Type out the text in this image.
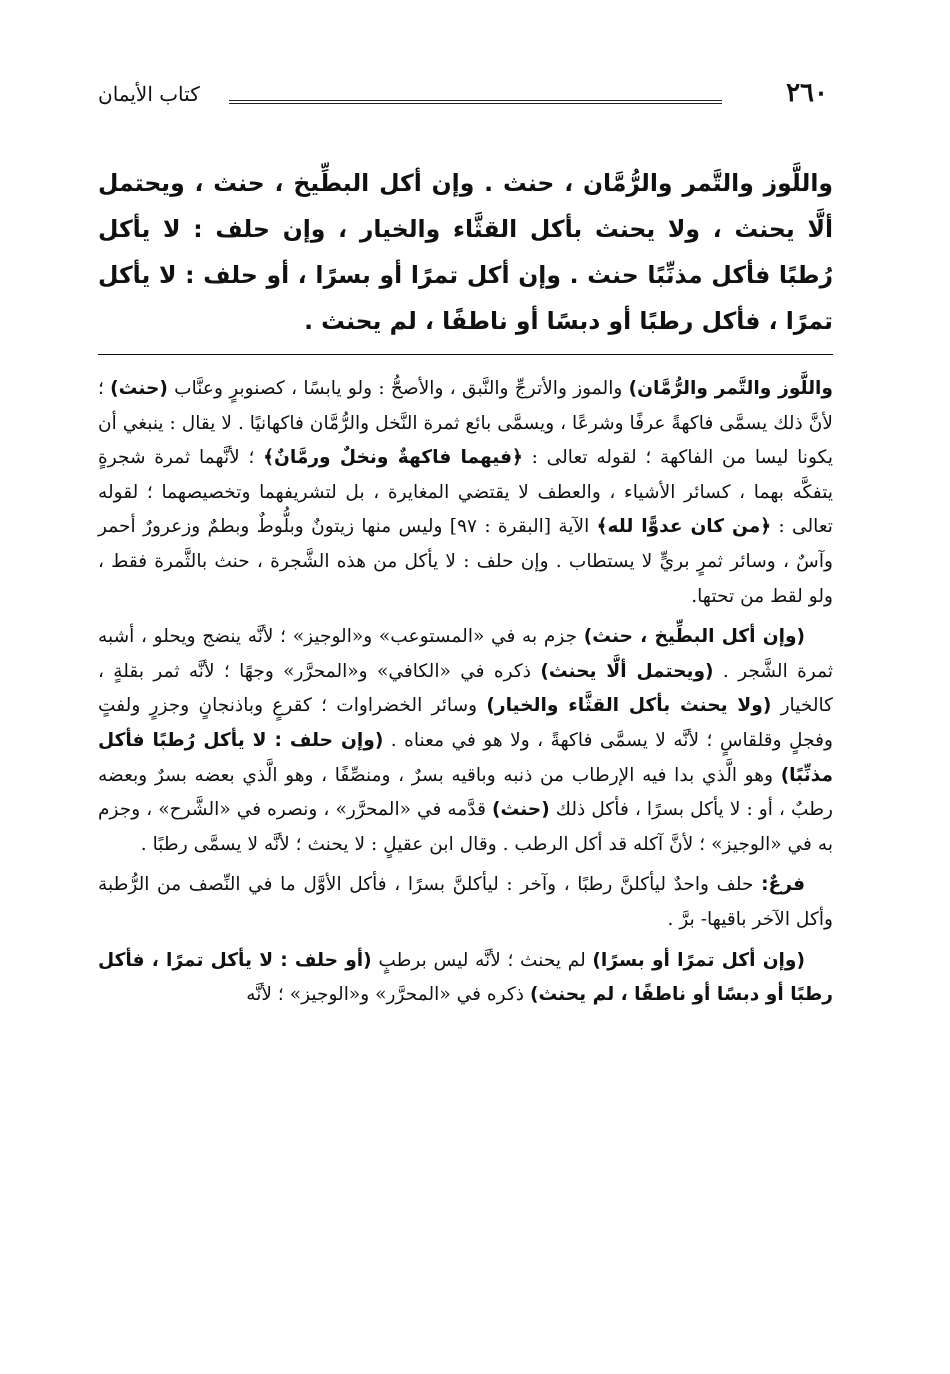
٢٦٠
كتاب الأيمان
واللَّوز والتَّمر والرُّمَّان ، حنث . وإن أكل البطِّيخ ، حنث ، ويحتمل ألَّا يحنث ، ولا يحنث بأكل القثَّاء والخيار ، وإن حلف : لا يأكل رُطبًا فأكل مذنِّبًا حنث . وإن أكل تمرًا أو بسرًا ، أو حلف : لا يأكل تمرًا ، فأكل رطبًا أو دبسًا أو ناطفًا ، لم يحنث .

واللَّوز والتَّمر والرُّمَّان) والموز والأترجِّ والنَّبق ، والأصحُّ : ولو يابسًا ، كصنوبرٍ وعنَّاب (حنث) ؛ لأنَّ ذلك يسمَّى فاكهةً عرفًا وشرعًا ، ويسمَّى بائع ثمرة النَّخل والرُّمَّان فاكهانيًا . لا يقال : ينبغي أن يكونا ليسا من الفاكهة ؛ لقوله تعالى : ﴿فيهما فاكهةٌ ونخلٌ ورمَّانٌ﴾ ؛ لأنَّهما ثمرة شجرةٍ يتفكَّه بهما ، كسائر الأشياء ، والعطف لا يقتضي المغايرة ، بل لتشريفهما وتخصيصهما ؛ لقوله تعالى : ﴿من كان عدوًّا لله﴾ الآية [البقرة : ٩٧] وليس منها زيتونٌ وبلُّوطٌ وبطمٌ وزعرورٌ أحمر وآسٌ ، وسائر ثمرٍ بريٍّ لا يستطاب . وإن حلف : لا يأكل من هذه الشَّجرة ، حنث بالثَّمرة فقط ، ولو لقط من تحتها.

(وإن أكل البطِّيخ ، حنث) جزم به في «المستوعب» و«الوجيز» ؛ لأنَّه ينضج ويحلو ، أشبه ثمرة الشَّجر . (ويحتمل ألَّا يحنث) ذكره في «الكافي» و«المحرَّر» وجهًا ؛ لأنَّه ثمر بقلةٍ ، كالخيار (ولا يحنث بأكل القثَّاء والخيار) وسائر الخضراوات ؛ كقرعٍ وباذنجانٍ وجزرٍ ولفتٍ وفجلٍ وقلقاسٍ ؛ لأنَّه لا يسمَّى فاكهةً ، ولا هو في معناه . (وإن حلف : لا يأكل رُطبًا فأكل مذنِّبًا) وهو الَّذي بدا فيه الإرطاب من ذنبه وباقيه بسرٌ ، ومنصِّفًا ، وهو الَّذي بعضه بسرٌ وبعضه رطبٌ ، أو : لا يأكل بسرًا ، فأكل ذلك (حنث) قدَّمه في «المحرَّر» ، ونصره في «الشَّرح» ، وجزم به في «الوجيز» ؛ لأنَّ آكله قد أكل الرطب . وقال ابن عقيلٍ : لا يحنث ؛ لأنَّه لا يسمَّى رطبًا .

فرعٌ: حلف واحدٌ ليأكلنَّ رطبًا ، وآخر : ليأكلنَّ بسرًا ، فأكل الأوَّل ما في النِّصف من الرُّطبة وأكل الآخر باقيها- برَّ .

(وإن أكل تمرًا أو بسرًا) لم يحنث ؛ لأنَّه ليس برطبٍ (أو حلف : لا يأكل تمرًا ، فأكل رطبًا أو دبسًا أو ناطفًا ، لم يحنث) ذكره في «المحرَّر» و«الوجيز» ؛ لأنَّه
